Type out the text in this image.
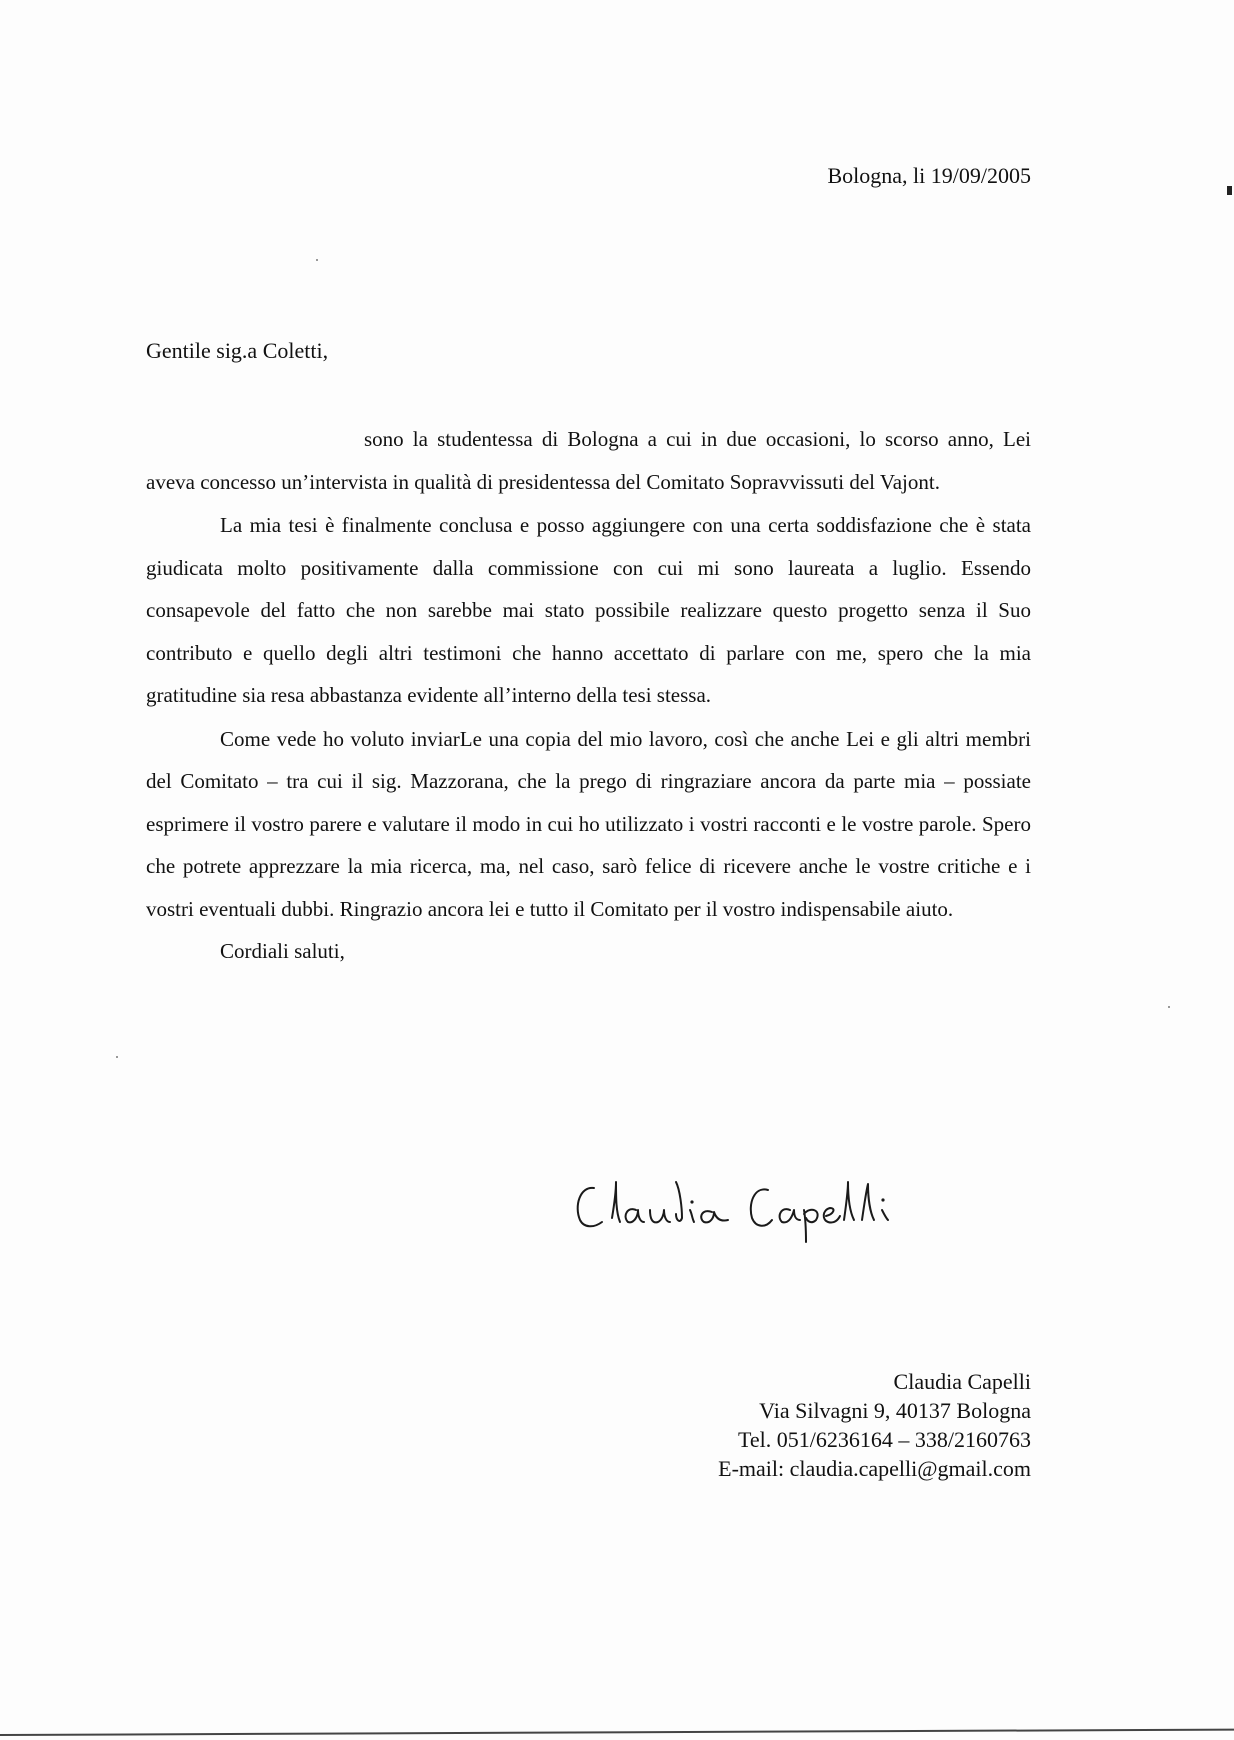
Bologna, li 19/09/2005
Gentile sig.a Coletti,

sono la studentessa di Bologna a cui in due occasioni, lo scorso anno, Lei aveva concesso un’intervista in qualità di presidentessa del Comitato Sopravvissuti del Vajont.

La mia tesi è finalmente conclusa e posso aggiungere con una certa soddisfazione che è stata giudicata molto positivamente dalla commissione con cui mi sono laureata a luglio. Essendo consapevole del fatto che non sarebbe mai stato possibile realizzare questo progetto senza il Suo contributo e quello degli altri testimoni che hanno accettato di parlare con me, spero che la mia gratitudine sia resa abbastanza evidente all’interno della tesi stessa.

Come vede ho voluto inviarLe una copia del mio lavoro, così che anche Lei e gli altri membri del Comitato – tra cui il sig. Mazzorana, che la prego di ringraziare ancora da parte mia – possiate esprimere il vostro parere e valutare il modo in cui ho utilizzato i vostri racconti e le vostre parole. Spero che potrete apprezzare la mia ricerca, ma, nel caso, sarò felice di ricevere anche le vostre critiche e i vostri eventuali dubbi. Ringrazio ancora lei e tutto il Comitato per il vostro indispensabile aiuto.

Cordiali saluti,

Claudia Capelli
Via Silvagni 9, 40137 Bologna
Tel. 051/6236164 – 338/2160763
E-mail: claudia.capelli@gmail.com
